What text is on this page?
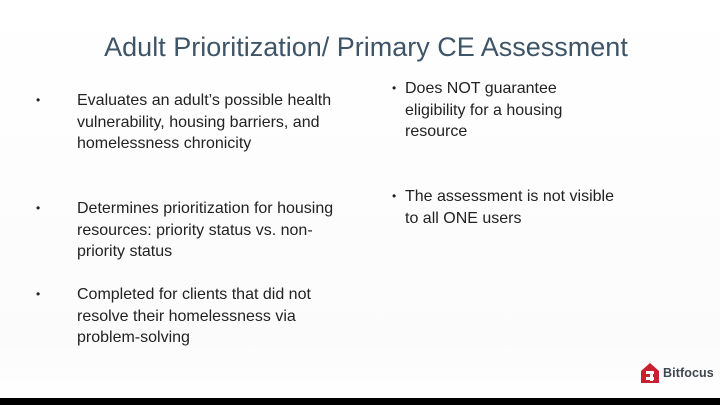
Adult Prioritization/ Primary CE Assessment
• Evaluates an adult’s possible health vulnerability, housing barriers, and homelessness chronicity
• Determines prioritization for housing resources: priority status vs. non-priority status
• Completed for clients that did not resolve their homelessness via problem-solving
• Does NOT guarantee eligibility for a housing resource
• The assessment is not visible to all ONE users
Bitfocus
